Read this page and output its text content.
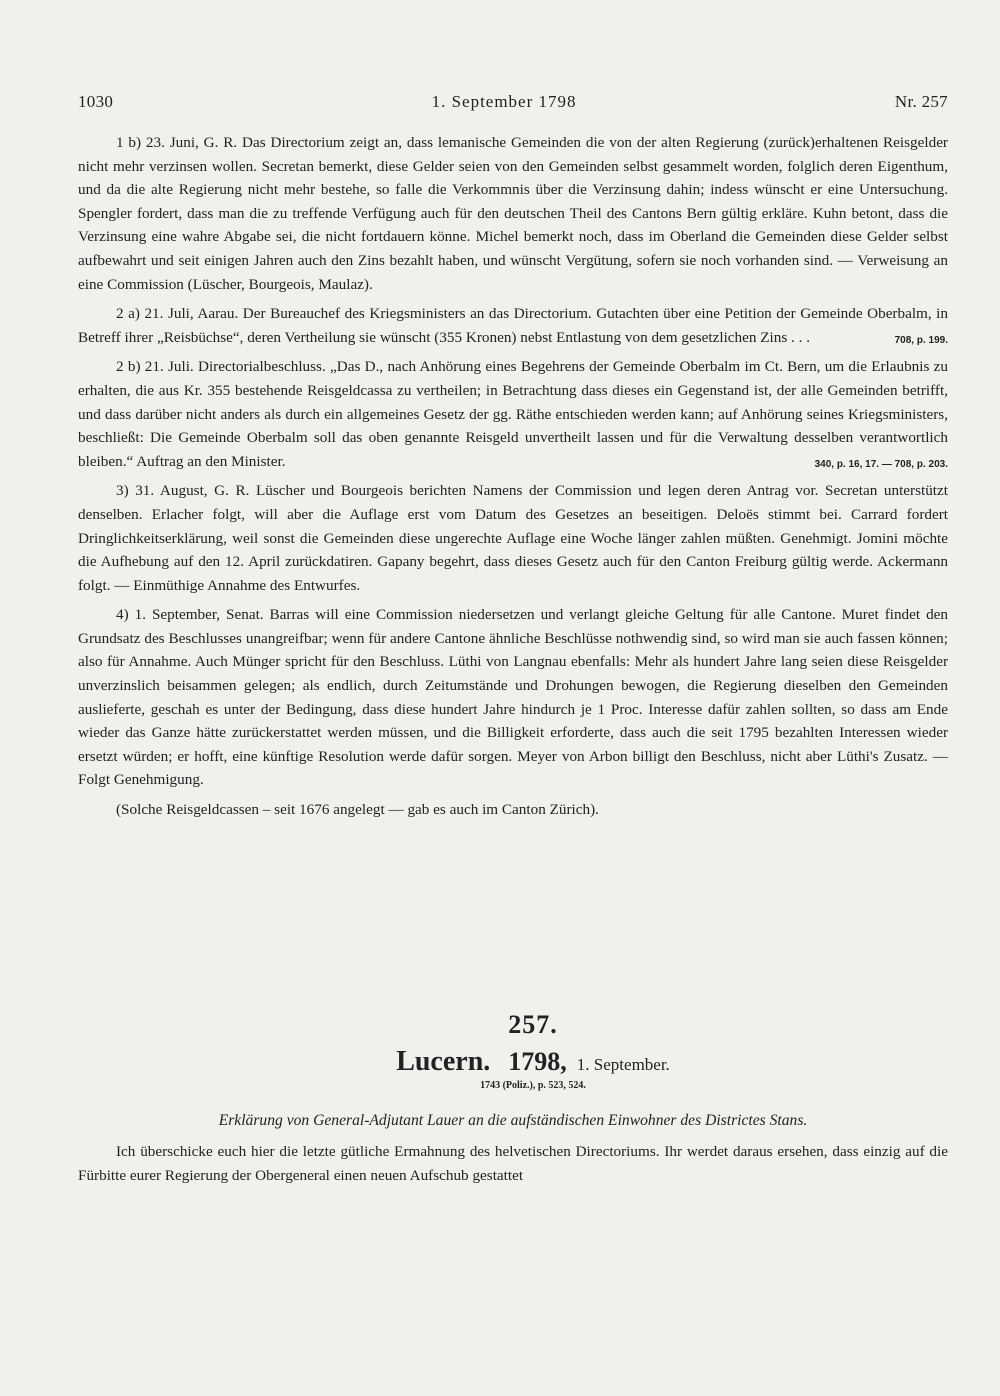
1030	1. September 1798	Nr. 257

1 b) 23. Juni, G. R. Das Directorium zeigt an, dass lemanische Gemeinden die von der alten Regierung (zurück)erhaltenen Reisgelder nicht mehr verzinsen wollen. Secretan bemerkt, diese Gelder seien von den Gemeinden selbst gesammelt worden, folglich deren Eigenthum, und da die alte Regierung nicht mehr bestehe, so falle die Verkommnis über die Verzinsung dahin; indess wünscht er eine Untersuchung. Spengler fordert, dass man die zu treffende Verfügung auch für den deutschen Theil des Cantons Bern gültig erkläre. Kuhn betont, dass die Verzinsung eine wahre Abgabe sei, die nicht fortdauern könne. Michel bemerkt noch, dass im Oberland die Gemeinden diese Gelder selbst aufbewahrt und seit einigen Jahren auch den Zins bezahlt haben, und wünscht Vergütung, sofern sie noch vorhanden sind. — Verweisung an eine Commission (Lüscher, Bourgeois, Maulaz).

2 a) 21. Juli, Aarau. Der Bureauchef des Kriegsministers an das Directorium. Gutachten über eine Petition der Gemeinde Oberbalm, in Betreff ihrer „Reisbüchse“, deren Vertheilung sie wünscht (355 Kronen) nebst Entlastung von dem gesetzlichen Zins . . .	708, p. 199.

2 b) 21. Juli. Directorialbeschluss. „Das D., nach Anhörung eines Begehrens der Gemeinde Oberbalm im Ct. Bern, um die Erlaubnis zu erhalten, die aus Kr. 355 bestehende Reisgeldcassa zu vertheilen; in Betrachtung dass dieses ein Gegenstand ist, der alle Gemeinden betrifft, und dass darüber nicht anders als durch ein allgemeines Gesetz der gg. Räthe entschieden werden kann; auf Anhörung seines Kriegsministers, beschließt: Die Gemeinde Oberbalm soll das oben genannte Reisgeld unvertheilt lassen und für die Verwaltung desselben verantwortlich bleiben.“ Auftrag an den Minister.	340, p. 16, 17. — 708, p. 203.

3) 31. August, G. R. Lüscher und Bourgeois berichten Namens der Commission und legen deren Antrag vor. Secretan unterstützt denselben. Erlacher folgt, will aber die Auflage erst vom Datum des Gesetzes an beseitigen. Deloës stimmt bei. Carrard fordert Dringlichkeitserklärung, weil sonst die Gemeinden diese ungerechte Auflage eine Woche länger zahlen müßten. Genehmigt. Jomini möchte die Aufhebung auf den 12. April zurückdatiren. Gapany begehrt, dass dieses Gesetz auch für den Canton Freiburg gültig werde. Ackermann folgt. — Einmüthige Annahme des Entwurfes.

4) 1. September, Senat. Barras will eine Commission niedersetzen und verlangt gleiche Geltung für alle Cantone. Muret findet den Grundsatz des Beschlusses unangreifbar; wenn für andere Cantone ähnliche Beschlüsse nothwendig sind, so wird man sie auch fassen können; also für Annahme. Auch Münger spricht für den Beschluss. Lüthi von Langnau ebenfalls: Mehr als hundert Jahre lang seien diese Reisgelder unverzinslich beisammen gelegen; als endlich, durch Zeitumstände und Drohungen bewogen, die Regierung dieselben den Gemeinden auslieferte, geschah es unter der Bedingung, dass diese hundert Jahre hindurch je 1 Proc. Interesse dafür zahlen sollten, so dass am Ende wieder das Ganze hätte zurückerstattet werden müssen, und die Billigkeit erforderte, dass auch die seit 1795 bezahlten Interessen wieder ersetzt würden; er hofft, eine künftige Resolution werde dafür sorgen. Meyer von Arbon billigt den Beschluss, nicht aber Lüthi's Zusatz. — Folgt Genehmigung.

(Solche Reisgeldcassen – seit 1676 angelegt — gab es auch im Canton Zürich).

257.
Lucern. 1798, 1. September.
1743 (Poliz.), p. 523, 524.
Erklärung von General-Adjutant Lauer an die aufständischen Einwohner des Districtes Stans.

Ich überschicke euch hier die letzte gütliche Ermahnung des helvetischen Directoriums. Ihr werdet daraus ersehen, dass einzig auf die Fürbitte eurer Regierung der Obergeneral einen neuen Aufschub gestattet
